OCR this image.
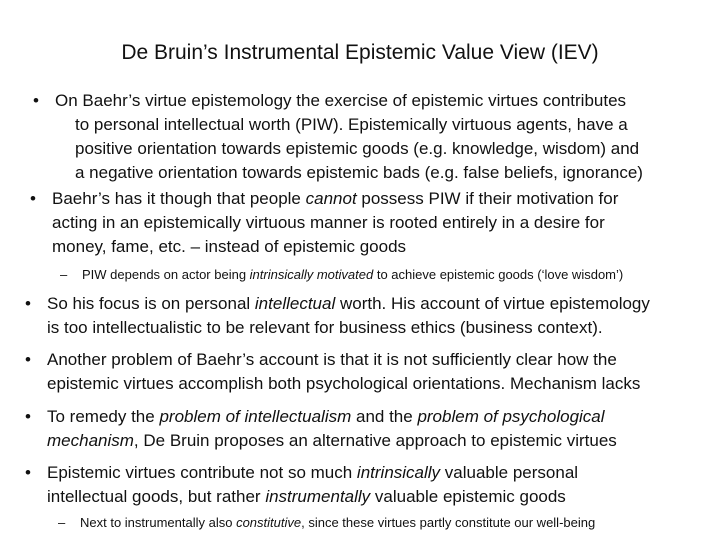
De Bruin’s Instrumental Epistemic Value View (IEV)
• On Baehr’s virtue epistemology the exercise of epistemic virtues contributes
to personal intellectual worth (PIW). Epistemically virtuous agents, have a
positive orientation towards epistemic goods (e.g. knowledge, wisdom) and
a negative orientation towards epistemic bads (e.g. false beliefs, ignorance)
• Baehr’s has it though that people cannot possess PIW if their motivation for
acting in an epistemically virtuous manner is rooted entirely in a desire for
money, fame, etc. – instead of epistemic goods
– PIW depends on actor being intrinsically motivated to achieve epistemic goods (‘love wisdom’)
• So his focus is on personal intellectual worth. His account of virtue epistemology
is too intellectualistic to be relevant for business ethics (business context).
• Another problem of Baehr’s account is that it is not sufficiently clear how the
epistemic virtues accomplish both psychological orientations. Mechanism lacks
• To remedy the problem of intellectualism and the problem of psychological
mechanism, De Bruin proposes an alternative approach to epistemic virtues
• Epistemic virtues contribute not so much intrinsically valuable personal
intellectual goods, but rather instrumentally valuable epistemic goods
– Next to instrumentally also constitutive, since these virtues partly constitute our well-being
